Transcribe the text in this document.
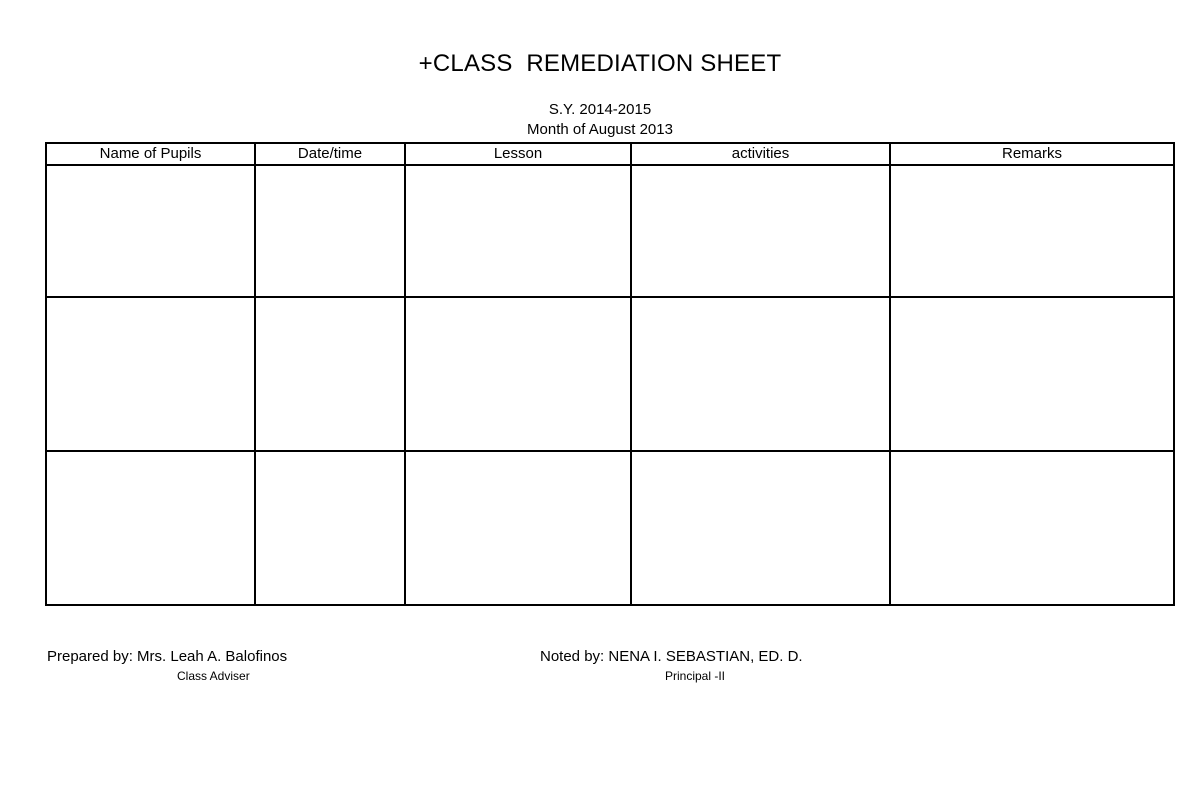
+CLASS  REMEDIATION SHEET
S.Y. 2014-2015
Month of August 2013
Name of Pupils	Date/time	Lesson	activities	Remarks

Prepared by: Mrs. Leah A. Balofinos
Class Adviser
Noted by: NENA I. SEBASTIAN, ED. D.
Principal -II
